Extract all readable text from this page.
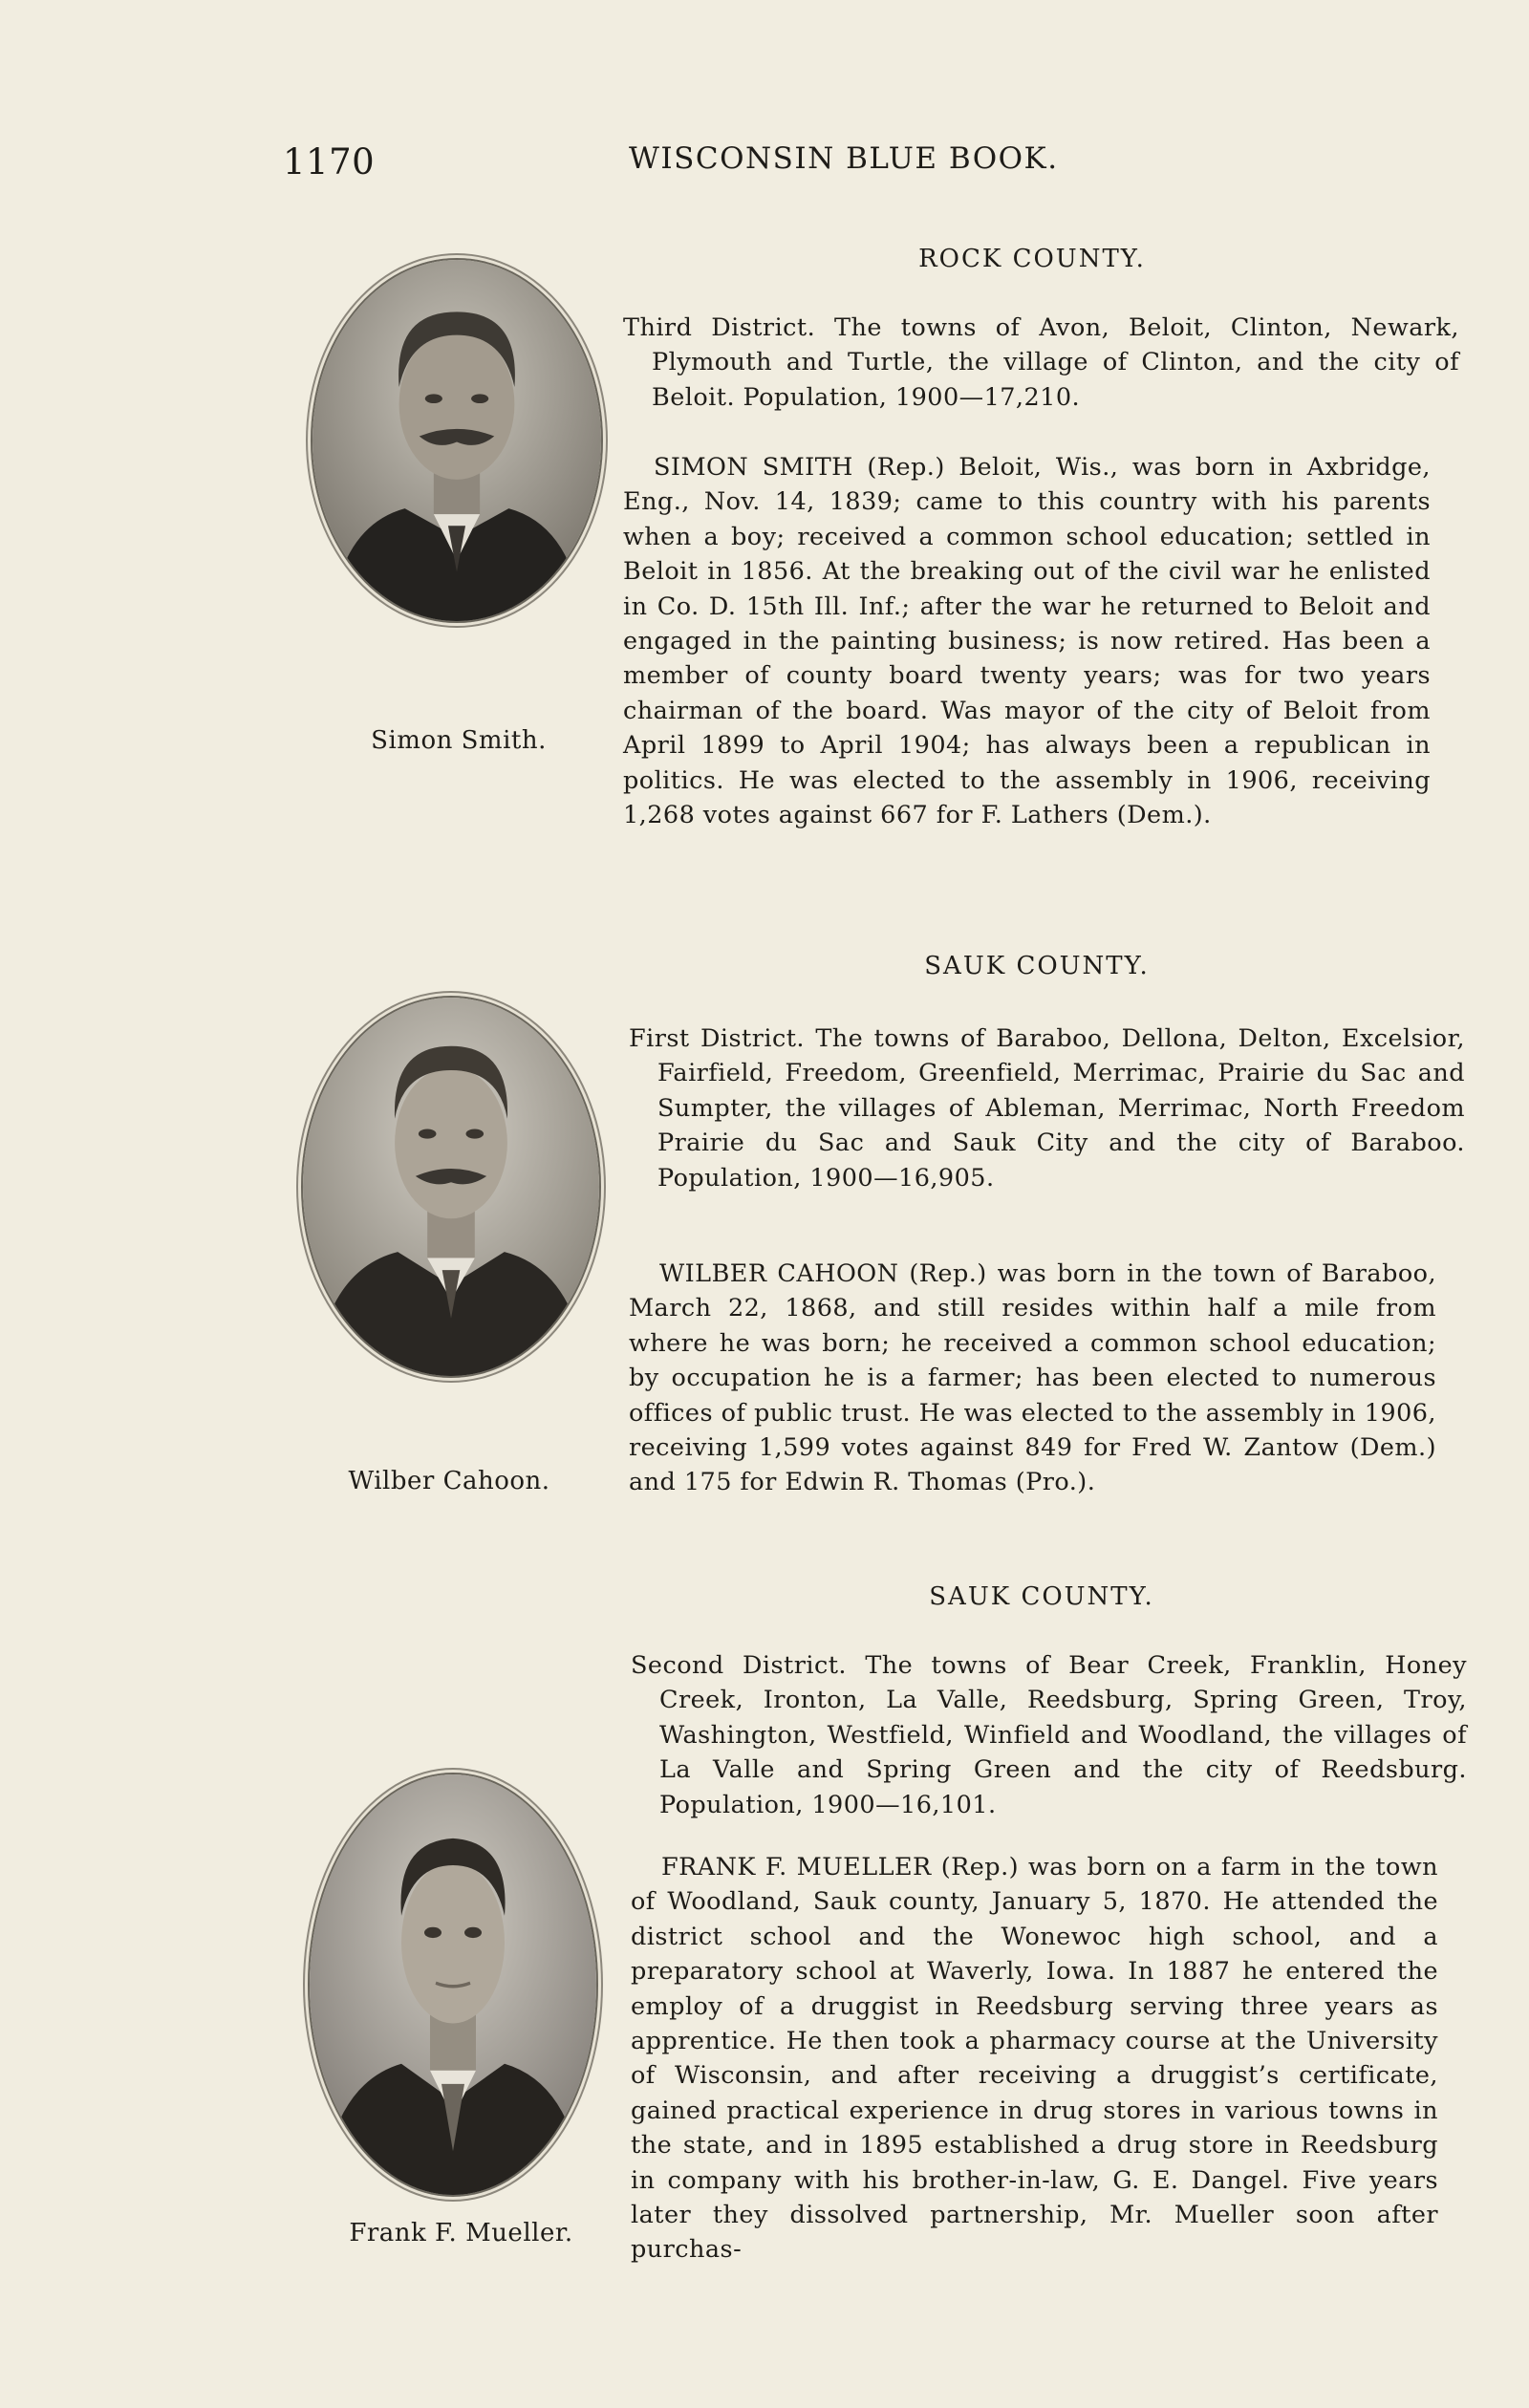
1170	WISCONSIN BLUE BOOK.
Simon Smith.
ROCK COUNTY.

Third District. The towns of Avon, Beloit, Clinton, Newark, Plymouth and Turtle, the village of Clinton, and the city of Beloit. Population, 1900—17,210.

SIMON SMITH (Rep.) Beloit, Wis., was born in Axbridge, Eng., Nov. 14, 1839; came to this country with his parents when a boy; received a common school education; settled in Beloit in 1856. At the breaking out of the civil war he enlisted in Co. D. 15th Ill. Inf.; after the war he returned to Beloit and engaged in the painting business; is now retired. Has been a member of county board twenty years; was for two years chairman of the board. Was mayor of the city of Beloit from April 1899 to April 1904; has always been a republican in politics. He was elected to the assembly in 1906, receiving 1,268 votes against 667 for F. Lathers (Dem.).

Wilber Cahoon.
SAUK COUNTY.

First District. The towns of Baraboo, Dellona, Delton, Excelsior, Fairfield, Freedom, Greenfield, Merrimac, Prairie du Sac and Sumpter, the villages of Ableman, Merrimac, North Freedom Prairie du Sac and Sauk City and the city of Baraboo. Population, 1900—16,905.

WILBER CAHOON (Rep.) was born in the town of Baraboo, March 22, 1868, and still resides within half a mile from where he was born; he received a common school education; by occupation he is a farmer; has been elected to numerous offices of public trust. He was elected to the assembly in 1906, receiving 1,599 votes against 849 for Fred W. Zantow (Dem.) and 175 for Edwin R. Thomas (Pro.).

Frank F. Mueller.
SAUK COUNTY.

Second District. The towns of Bear Creek, Franklin, Honey Creek, Ironton, La Valle, Reedsburg, Spring Green, Troy, Washington, Westfield, Winfield and Woodland, the villages of La Valle and Spring Green and the city of Reedsburg. Population, 1900—16,101.

FRANK F. MUELLER (Rep.) was born on a farm in the town of Woodland, Sauk county, January 5, 1870. He attended the district school and the Wonewoc high school, and a preparatory school at Waverly, Iowa. In 1887 he entered the employ of a druggist in Reedsburg serving three years as apprentice. He then took a pharmacy course at the University of Wisconsin, and after receiving a druggist’s certificate, gained practical experience in drug stores in various towns in the state, and in 1895 established a drug store in Reedsburg in company with his brother-in-law, G. E. Dangel. Five years later they dissolved partnership, Mr. Mueller soon after purchas-
